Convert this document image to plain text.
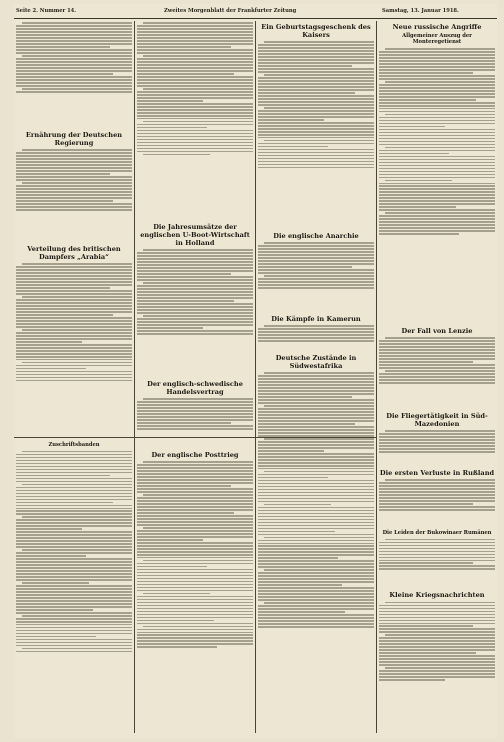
Seite 2. Nummer 14.	Zweites Morgenblatt der Frankfurter Zeitung	Samstag, 13. Januar 1918.
Ernährung der Deutschen Regierung
Verteilung des britischen Dampfers „Arabia“
Zuschriftsbanden
Die Jahresumsätze der englischen U-Boot-Wirtschaft in Holland
Der englisch-schwedische Handelsvertrag
Der englische Posttrieg
Ein Geburtstagsgeschenk des Kaisers
Die englische Anarchie
Die Kämpfe in Kamerun
Deutsche Zustände in Südwestafrika
Neue russische Angriffe
Allgemeiner Auszug der Monteregetienst
Der Fall von Lenzie
Die Fliegertätigkeit in Süd-Mazedonien
Die ersten Verluste in Rußland
Die Leiden der Bukowinaer Rumänen
Kleine Kriegsnachrichten
